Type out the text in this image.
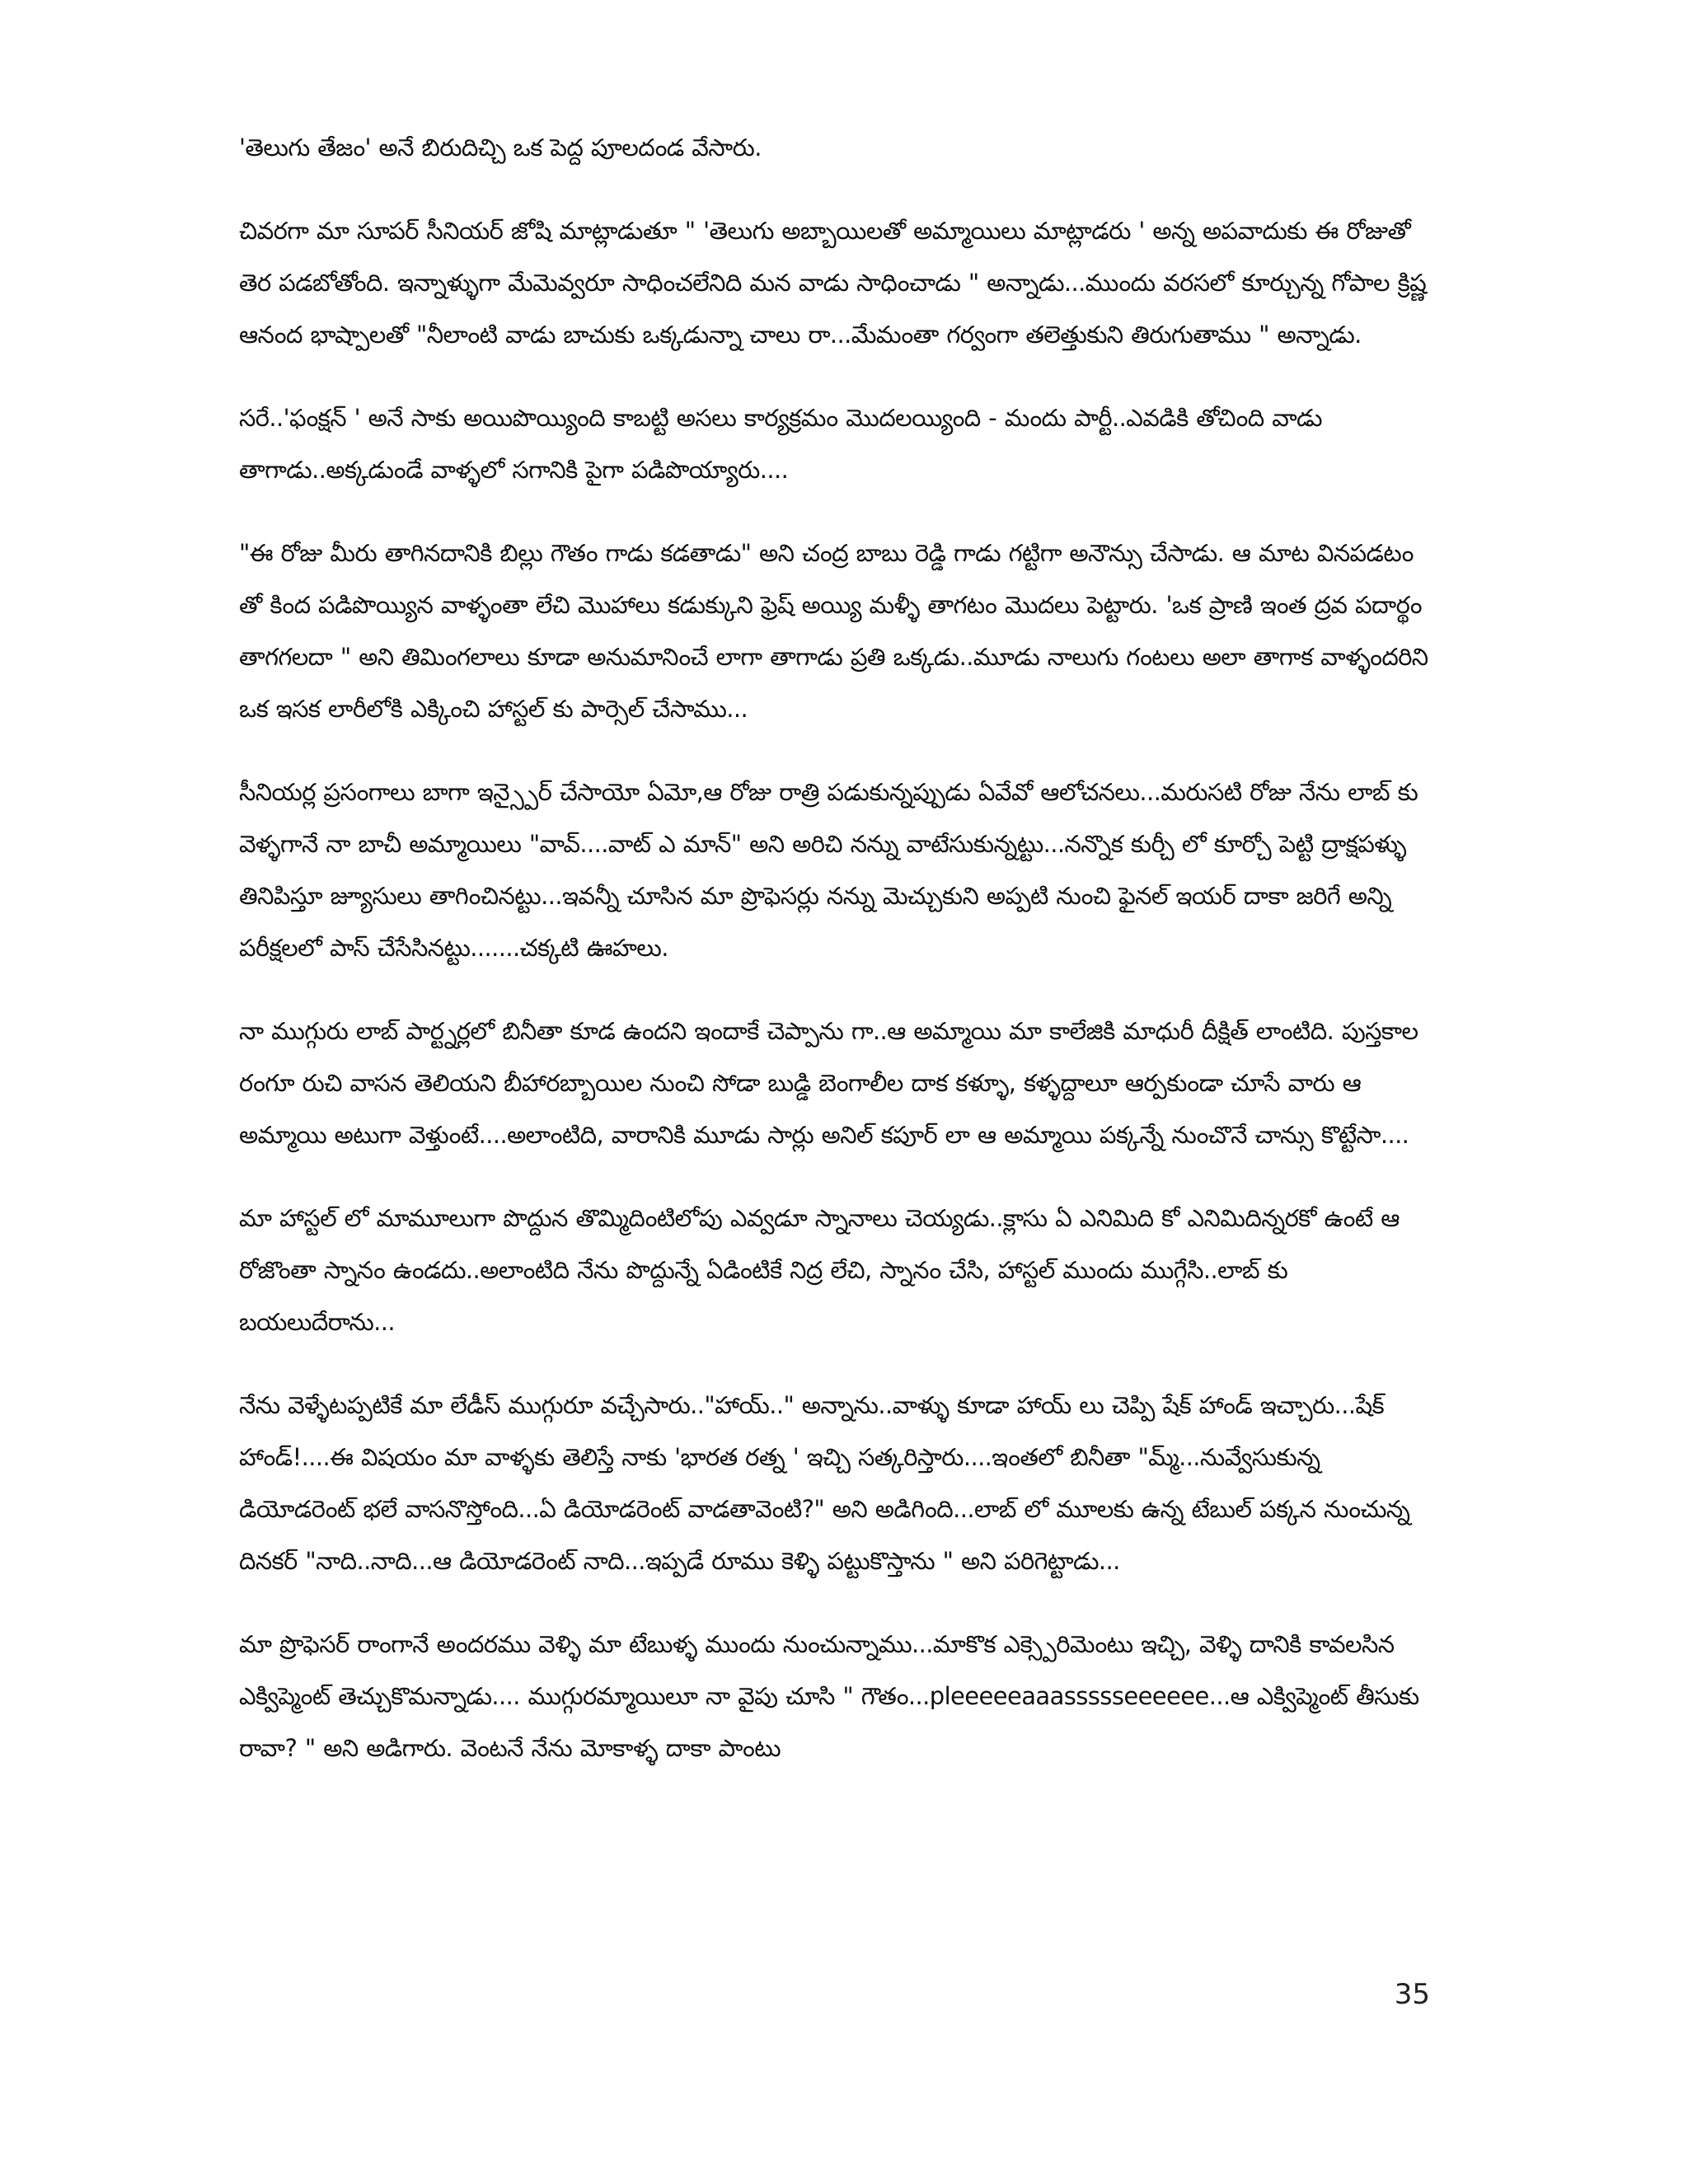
'తెలుగు తేజం' అనే బిరుదిచ్చి ఒక పెద్ద పూలదండ వేసారు.

చివరగా మా సూపర్ సీనియర్ జోషి మాట్లాడుతూ " 'తెలుగు అబ్బాయిలతో అమ్మాయిలు మాట్లాడరు ' అన్న అపవాదుకు ఈ రోజుతో తెర పడబోతోంది. ఇన్నాళ్ళుగా మేమెవ్వరూ సాధించలేనిది మన వాడు సాధించాడు " అన్నాడు...ముందు వరసలో కూర్చున్న గోపాల క్రిష్ణ ఆనంద భాష్పాలతో "నీలాంటి వాడు బాచుకు ఒక్కడున్నా చాలు రా...మేమంతా గర్వంగా తలెత్తుకుని తిరుగుతాము " అన్నాడు.

సరే..'ఫంక్షన్ ' అనే సాకు అయిపొయ్యింది కాబట్టి అసలు కార్యక్రమం మొదలయ్యింది - మందు పార్టీ..ఎవడికి తోచింది వాడు తాగాడు..అక్కడుండే వాళ్ళలో సగానికి పైగా పడిపొయ్యారు....

"ఈ రోజు మీరు తాగినదానికి బిల్లు గౌతం గాడు కడతాడు" అని చంద్ర బాబు రెడ్డి గాడు గట్టిగా అనౌన్సు చేసాడు. ఆ మాట వినపడటం తో కింద పడిపొయ్యిన వాళ్ళంతా లేచి మొహాలు కడుక్కుని ఫ్రెష్ అయ్యి మళ్ళీ తాగటం మొదలు పెట్టారు. 'ఒక ప్రాణి ఇంత ద్రవ పదార్థం తాగగలదా " అని తిమింగలాలు కూడా అనుమానించే లాగా తాగాడు ప్రతి ఒక్కడు..మూడు నాలుగు గంటలు అలా తాగాక వాళ్ళందరిని ఒక ఇసక లారీలోకి ఎక్కించి హాస్టల్ కు పార్సెల్ చేసాము...

సీనియర్ల ప్రసంగాలు బాగా ఇన్స్పైర్ చేసాయో ఏమో,ఆ రోజు రాత్రి పడుకున్నప్పుడు ఏవేవో ఆలోచనలు...మరుసటి రోజు నేను లాబ్ కు వెళ్ళగానే నా బాచీ అమ్మాయిలు "వావ్....వాట్ ఎ మాన్" అని అరిచి నన్ను వాటేసుకున్నట్టు...నన్నొక కుర్చీ లో కూర్చో పెట్టి ద్రాక్షపళ్ళు తినిపిస్తూ జ్యూసులు తాగించినట్టు...ఇవన్నీ చూసిన మా ప్రొఫెసర్లు నన్ను మెచ్చుకుని అప్పటి నుంచి ఫైనల్ ఇయర్ దాకా జరిగే అన్ని పరీక్షలలో పాస్ చేసేసినట్టు.......చక్కటి ఊహలు.

నా ముగ్గురు లాబ్ పార్ట్నర్లలో బినీతా కూడ ఉందని ఇందాకే చెప్పాను గా..ఆ అమ్మాయి మా కాలేజికి మాధురీ దీక్షిత్ లాంటిది. పుస్తకాల రంగూ రుచి వాసన తెలియని బీహారబ్బాయిల నుంచి సోడా బుడ్డి బెంగాలీల దాక కళ్ళూ, కళ్ళద్దాలూ ఆర్పకుండా చూసే వారు ఆ అమ్మాయి అటుగా వెళ్తుంటే....అలాంటిది, వారానికి మూడు సార్లు అనిల్ కపూర్ లా ఆ అమ్మాయి పక్కన్నే నుంచొనే చాన్సు కొట్టేసా....

మా హాస్టల్ లో మామూలుగా పొద్దున తొమ్మిదింటిలోపు ఎవ్వడూ స్నానాలు చెయ్యడు..క్లాసు ఏ ఎనిమిది కో ఎనిమిదిన్నరకో ఉంటే ఆ రోజొంతా స్నానం ఉండదు..అలాంటిది నేను పొద్దున్నే ఏడింటికే నిద్ర లేచి, స్నానం చేసి, హాస్టల్ ముందు ముగ్గేసి..లాబ్ కు బయలుదేరాను...

నేను వెళ్ళేటప్పటికే మా లేడీస్ ముగ్గురూ వచ్చేసారు.."హాయ్.." అన్నాను..వాళ్ళు కూడా హాయ్ లు చెప్పి షేక్ హాండ్ ఇచ్చారు...షేక్ హాండ్!....ఈ విషయం మా వాళ్ళకు తెలిస్తే నాకు 'భారత రత్న ' ఇచ్చి సత్కరిస్తారు....ఇంతలో బినీతా "మ్మ్...నువ్వేసుకున్న డియోడరెంట్ భలే వాసనొస్తోంది...ఏ డియోడరెంట్ వాడతావెంటి?" అని అడిగింది...లాబ్ లో మూలకు ఉన్న టేబుల్ పక్కన నుంచున్న దినకర్ "నాది..నాది...ఆ డియోడరెంట్ నాది...ఇప్పడే రూము కెళ్ళి పట్టుకొస్తాను " అని పరిగెట్టాడు...

మా ప్రొఫెసర్ రాంగానే అందరము వెళ్ళి మా టేబుళ్ళ ముందు నుంచున్నాము...మాకొక ఎక్స్పెరిమెంటు ఇచ్చి, వెళ్ళి దానికి కావలసిన ఎక్విప్మెంట్ తెచ్చుకొమన్నాడు.... ముగ్గురమ్మాయిలూ నా వైపు చూసి " గౌతం...pleeeeeaaassssseeeeee...ఆ ఎక్విప్మెంట్ తీసుకు రావా? " అని అడిగారు. వెంటనే నేను మోకాళ్ళ దాకా పాంటు

35
